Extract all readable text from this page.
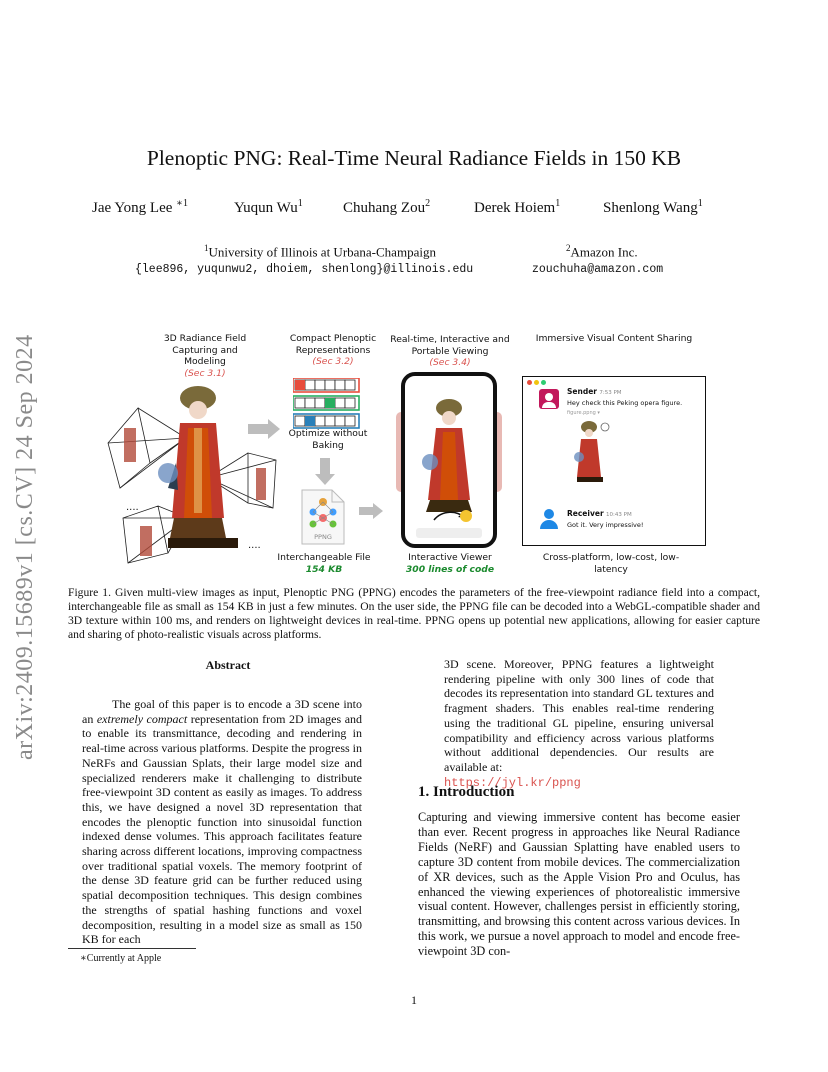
arXiv:2409.15689v1 [cs.CV] 24 Sep 2024
Plenoptic PNG: Real-Time Neural Radiance Fields in 150 KB
Jae Yong Lee $^{∗1}$	Yuqun Wu$^1$	Chuhang Zou$^2$	Derek Hoiem$^1$	Shenlong Wang$^1$
$^1$University of Illinois at Urbana-Champaign
{lee896, yuqunwu2, dhoiem, shenlong}@illinois.edu
$^2$Amazon Inc.
zouchuha@amazon.com
3D Radiance Field Capturing and Modeling
(Sec 3.1)
Compact Plenoptic Representations
(Sec 3.2)
Real-time, Interactive and Portable Viewing
(Sec 3.4)
Immersive Visual Content Sharing
....
....
Optimize without Baking
PPNG
Interchangeable File
154 KB
Interactive Viewer
300 lines of code
Sender 7:53 PM
Hey check this Peking opera figure.
figure.ppng ▾
Receiver 10:43 PM
Got it. Very impressive!
Cross-platform, low-cost, low-latency
Figure 1. Given multi-view images as input, Plenoptic PNG (PPNG) encodes the parameters of the free-viewpoint radiance field into a compact, interchangeable file as small as 154 KB in just a few minutes. On the user side, the PPNG file can be decoded into a WebGL-compatible shader and 3D texture within 100 ms, and renders on lightweight devices in real-time. PPNG opens up potential new applications, allowing for easier capture and sharing of photo-realistic visuals across platforms.
Abstract
The goal of this paper is to encode a 3D scene into an extremely compact representation from 2D images and to enable its transmittance, decoding and rendering in real-time across various platforms. Despite the progress in NeRFs and Gaussian Splats, their large model size and specialized renderers make it challenging to distribute free-viewpoint 3D content as easily as images. To address this, we have designed a novel 3D representation that encodes the plenoptic function into sinusoidal function indexed dense volumes. This approach facilitates feature sharing across different locations, improving compactness over traditional spatial voxels. The memory footprint of the dense 3D feature grid can be further reduced using spatial decomposition techniques. This design combines the strengths of spatial hashing functions and voxel decomposition, resulting in a model size as small as 150 KB for each
3D scene. Moreover, PPNG features a lightweight rendering pipeline with only 300 lines of code that decodes its representation into standard GL textures and fragment shaders. This enables real-time rendering using the traditional GL pipeline, ensuring universal compatibility and efficiency across various platforms without additional dependencies. Our results are available at:
https://jyl.kr/ppng
1. Introduction
Capturing and viewing immersive content has become easier than ever. Recent progress in approaches like Neural Radiance Fields (NeRF) and Gaussian Splatting have enabled users to capture 3D content from mobile devices. The commercialization of XR devices, such as the Apple Vision Pro and Oculus, has enhanced the viewing experiences of photorealistic immersive visual content. However, challenges persist in efficiently storing, transmitting, and browsing this content across various devices. In this work, we pursue a novel approach to model and encode free-viewpoint 3D con-
∗Currently at Apple
1
